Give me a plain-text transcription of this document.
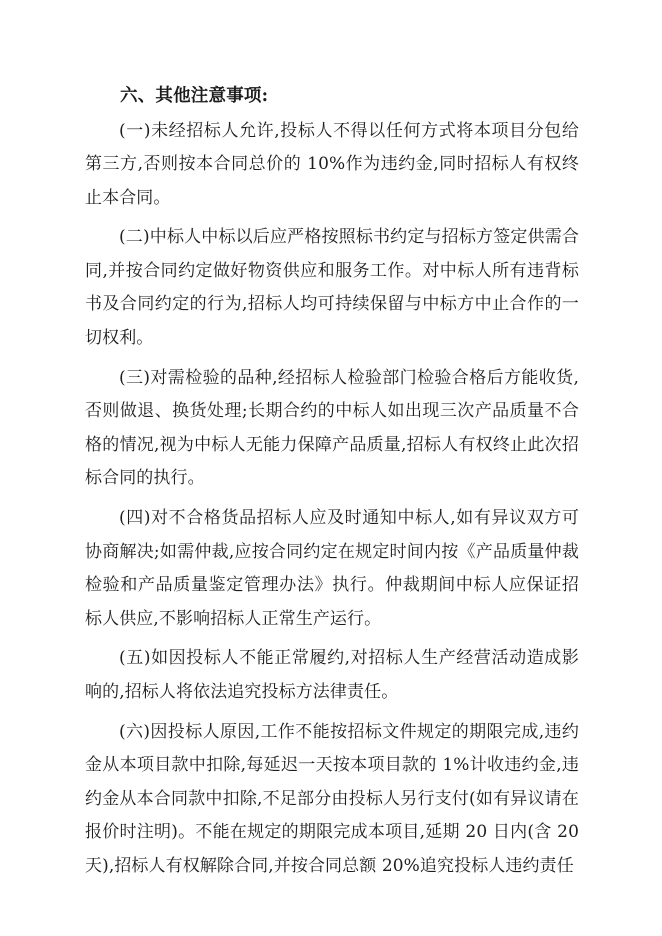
六、其他注意事项:

(一)未经招标人允许,投标人不得以任何方式将本项目分包给第三方,否则按本合同总价的 10%作为违约金,同时招标人有权终止本合同。

(二)中标人中标以后应严格按照标书约定与招标方签定供需合同,并按合同约定做好物资供应和服务工作。对中标人所有违背标书及合同约定的行为,招标人均可持续保留与中标方中止合作的一切权利。

(三)对需检验的品种,经招标人检验部门检验合格后方能收货,否则做退、换货处理;长期合约的中标人如出现三次产品质量不合格的情况,视为中标人无能力保障产品质量,招标人有权终止此次招标合同的执行。

(四)对不合格货品招标人应及时通知中标人,如有异议双方可协商解决;如需仲裁,应按合同约定在规定时间内按《产品质量仲裁检验和产品质量鉴定管理办法》执行。仲裁期间中标人应保证招标人供应,不影响招标人正常生产运行。

(五)如因投标人不能正常履约,对招标人生产经营活动造成影响的,招标人将依法追究投标方法律责任。

(六)因投标人原因,工作不能按招标文件规定的期限完成,违约金从本项目款中扣除,每延迟一天按本项目款的 1%计收违约金,违约金从本合同款中扣除,不足部分由投标人另行支付(如有异议请在报价时注明)。不能在规定的期限完成本项目,延期 20 日内(含 20 天),招标人有权解除合同,并按合同总额 20%追究投标人违约责任
